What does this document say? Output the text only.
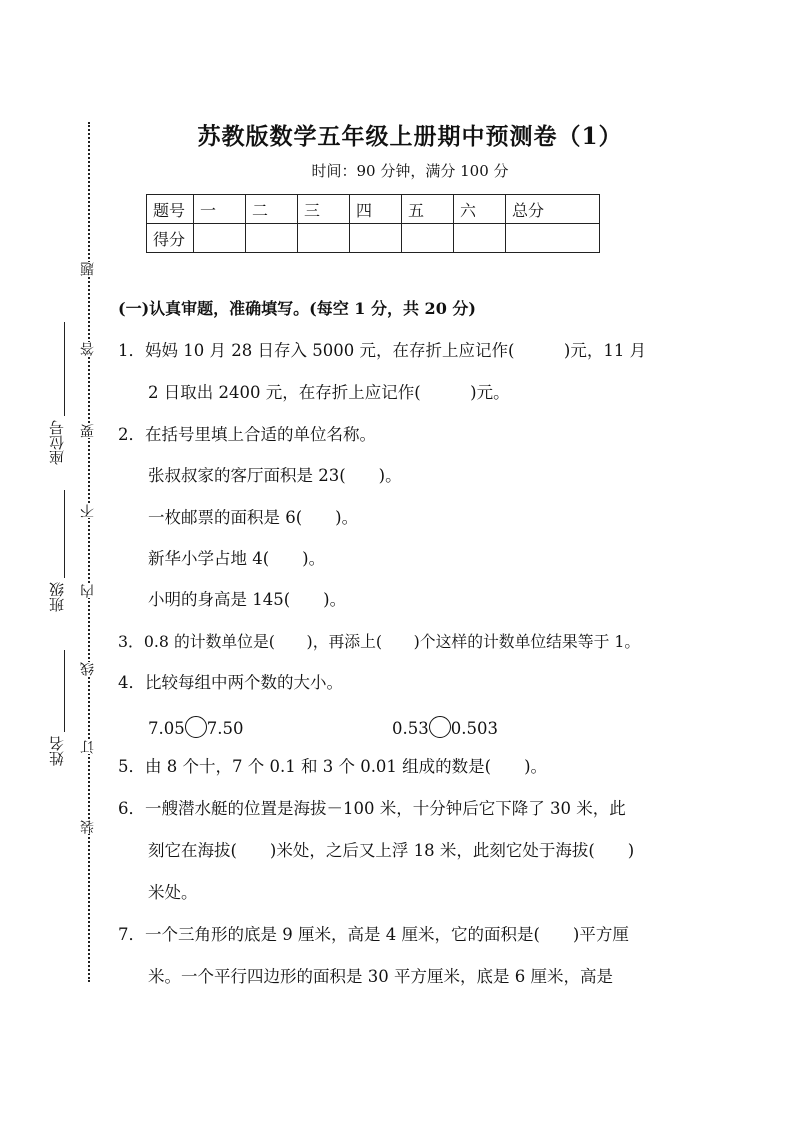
题
答
要
不
内
线
订
装
座位号
班级
姓名
苏教版数学五年级上册期中预测卷（1）
时间：90 分钟，满分 100 分
题号	一	二	三	四	五	六	总分
得分							
(一)认真审题，准确填写。(每空 1 分，共 20 分)
1．妈妈 10 月 28 日存入 5000 元，在存折上应记作(　　　)元，11 月
2 日取出 2400 元，在存折上应记作(　　　)元。
2．在括号里填上合适的单位名称。
张叔叔家的客厅面积是 23(　　)。
一枚邮票的面积是 6(　　)。
新华小学占地 4(　　)。
小明的身高是 145(　　)。
3．0.8 的计数单位是(　　)，再添上(　　)个这样的计数单位结果等于 1。
4．比较每组中两个数的大小。
7.05 7.50	0.53 0.503
5．由 8 个十，7 个 0.1 和 3 个 0.01 组成的数是(　　)。
6．一艘潜水艇的位置是海拔－100 米，十分钟后它下降了 30 米，此
刻它在海拔(　　)米处，之后又上浮 18 米，此刻它处于海拔(　　)
米处。
7．一个三角形的底是 9 厘米，高是 4 厘米，它的面积是(　　)平方厘
米。一个平行四边形的面积是 30 平方厘米，底是 6 厘米，高是
